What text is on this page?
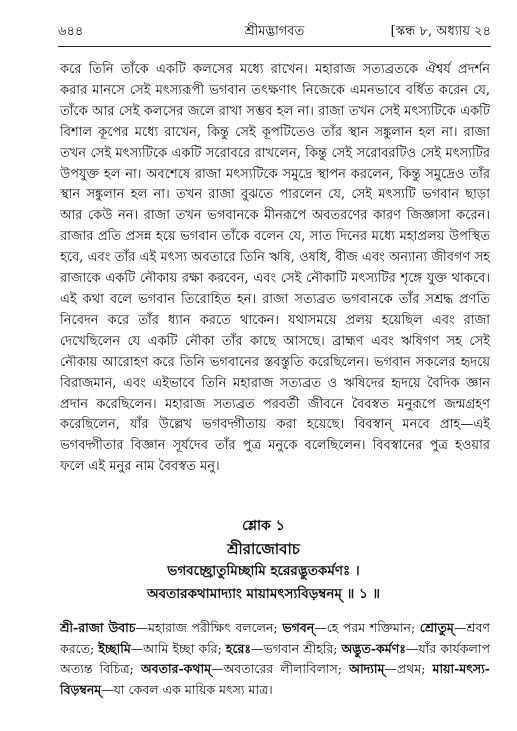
৬৪৪	শ্রীমদ্ভাগবত	[স্কন্ধ ৮, অধ্যায় ২৪

করে তিনি তাঁকে একটি কলসের মধ্যে রাখেন। মহারাজ সত্যব্রতকে ঐশ্বর্য প্রদর্শন করার মানসে সেই মৎস্যরূপী ভগবান তৎক্ষণাৎ নিজেকে এমনভাবে বর্ধিত করেন যে, তাঁকে আর সেই কলসের জলে রাখা সম্ভব হল না। রাজা তখন সেই মৎস্যটিকে একটি বিশাল কূপের মধ্যে রাখেন, কিন্তু সেই কূপটিতেও তাঁর স্থান সঙ্কুলান হল না। রাজা তখন সেই মৎস্যটিকে একটি সরোবরে রাখলেন, কিন্তু সেই সরোবরটিও সেই মৎস্যটির উপযুক্ত হল না। অবশেষে রাজা মৎস্যটিকে সমুদ্রে স্থাপন করলেন, কিন্তু সমুদ্রেও তাঁর স্থান সঙ্কুলান হল না। তখন রাজা বুঝতে পারলেন যে, সেই মৎস্যটি ভগবান ছাড়া আর কেউ নন। রাজা তখন ভগবানকে মীনরূপে অবতরণের কারণ জিজ্ঞাসা করেন। রাজার প্রতি প্রসন্ন হয়ে ভগবান তাঁকে বলেন যে, সাত দিনের মধ্যে মহাপ্রলয় উপস্থিত হবে, এবং তাঁর এই মৎস্য অবতারে তিনি ঋষি, ওষধি, বীজ এবং অন্যান্য জীবগণ সহ রাজাকে একটি নৌকায় রক্ষা করবেন, এবং সেই নৌকাটি মৎস্যটির শৃঙ্গে যুক্ত থাকবে। এই কথা বলে ভগবান তিরোহিত হন। রাজা সত্যব্রত ভগবানকে তাঁর সশ্রদ্ধ প্রণতি নিবেদন করে তাঁর ধ্যান করতে থাকেন। যথাসময়ে প্রলয় হয়েছিল এবং রাজা দেখেছিলেন যে একটি নৌকা তাঁর কাছে আসছে। ব্রাহ্মণ এবং ঋষিগণ সহ সেই নৌকায় আরোহণ করে তিনি ভগবানের স্তবস্তুতি করেছিলেন। ভগবান সকলের হৃদয়ে বিরাজমান, এবং এইভাবে তিনি মহারাজ সত্যব্রত ও ঋষিদের হৃদয়ে বৈদিক জ্ঞান প্রদান করেছিলেন। মহারাজ সত্যব্রত পরবর্তী জীবনে বৈবস্বত মনুরূপে জন্মগ্রহণ করেছিলেন, যাঁর উল্লেখ ভগবদ্গীতায় করা হয়েছে। বিবস্বান্ মনবে প্রাহ—এই ভগবদ্গীতার বিজ্ঞান সূর্যদেব তাঁর পুত্র মনুকে বলেছিলেন। বিবস্বানের পুত্র হওয়ার ফলে এই মনুর নাম বৈবস্বত মনু।

শ্লোক ১
শ্রীরাজোবাচ
ভগবচ্ছ্রোতুমিচ্ছামি হরেরদ্ভুতকর্মণঃ ।
অবতারকথামাদ্যাং মায়ামৎস্যবিড়ম্বনম্ ॥ ১ ॥
শ্রী-রাজা উবাচ—মহারাজ পরীক্ষিৎ বললেন; ভগবন্—হে পরম শক্তিমান; শ্রোতুম্—শ্রবণ করতে; ইচ্ছামি—আমি ইচ্ছা করি; হরেঃ—ভগবান শ্রীহরি; অদ্ভুত-কর্মণঃ—যাঁর কার্যকলাপ অত্যন্ত বিচিত্র; অবতার-কথাম্—অবতারের লীলাবিলাস; আদ্যাম্—প্রথম; মায়া-মৎস্য-বিড়ম্বনম্—যা কেবল এক মায়িক মৎস্য মাত্র।
